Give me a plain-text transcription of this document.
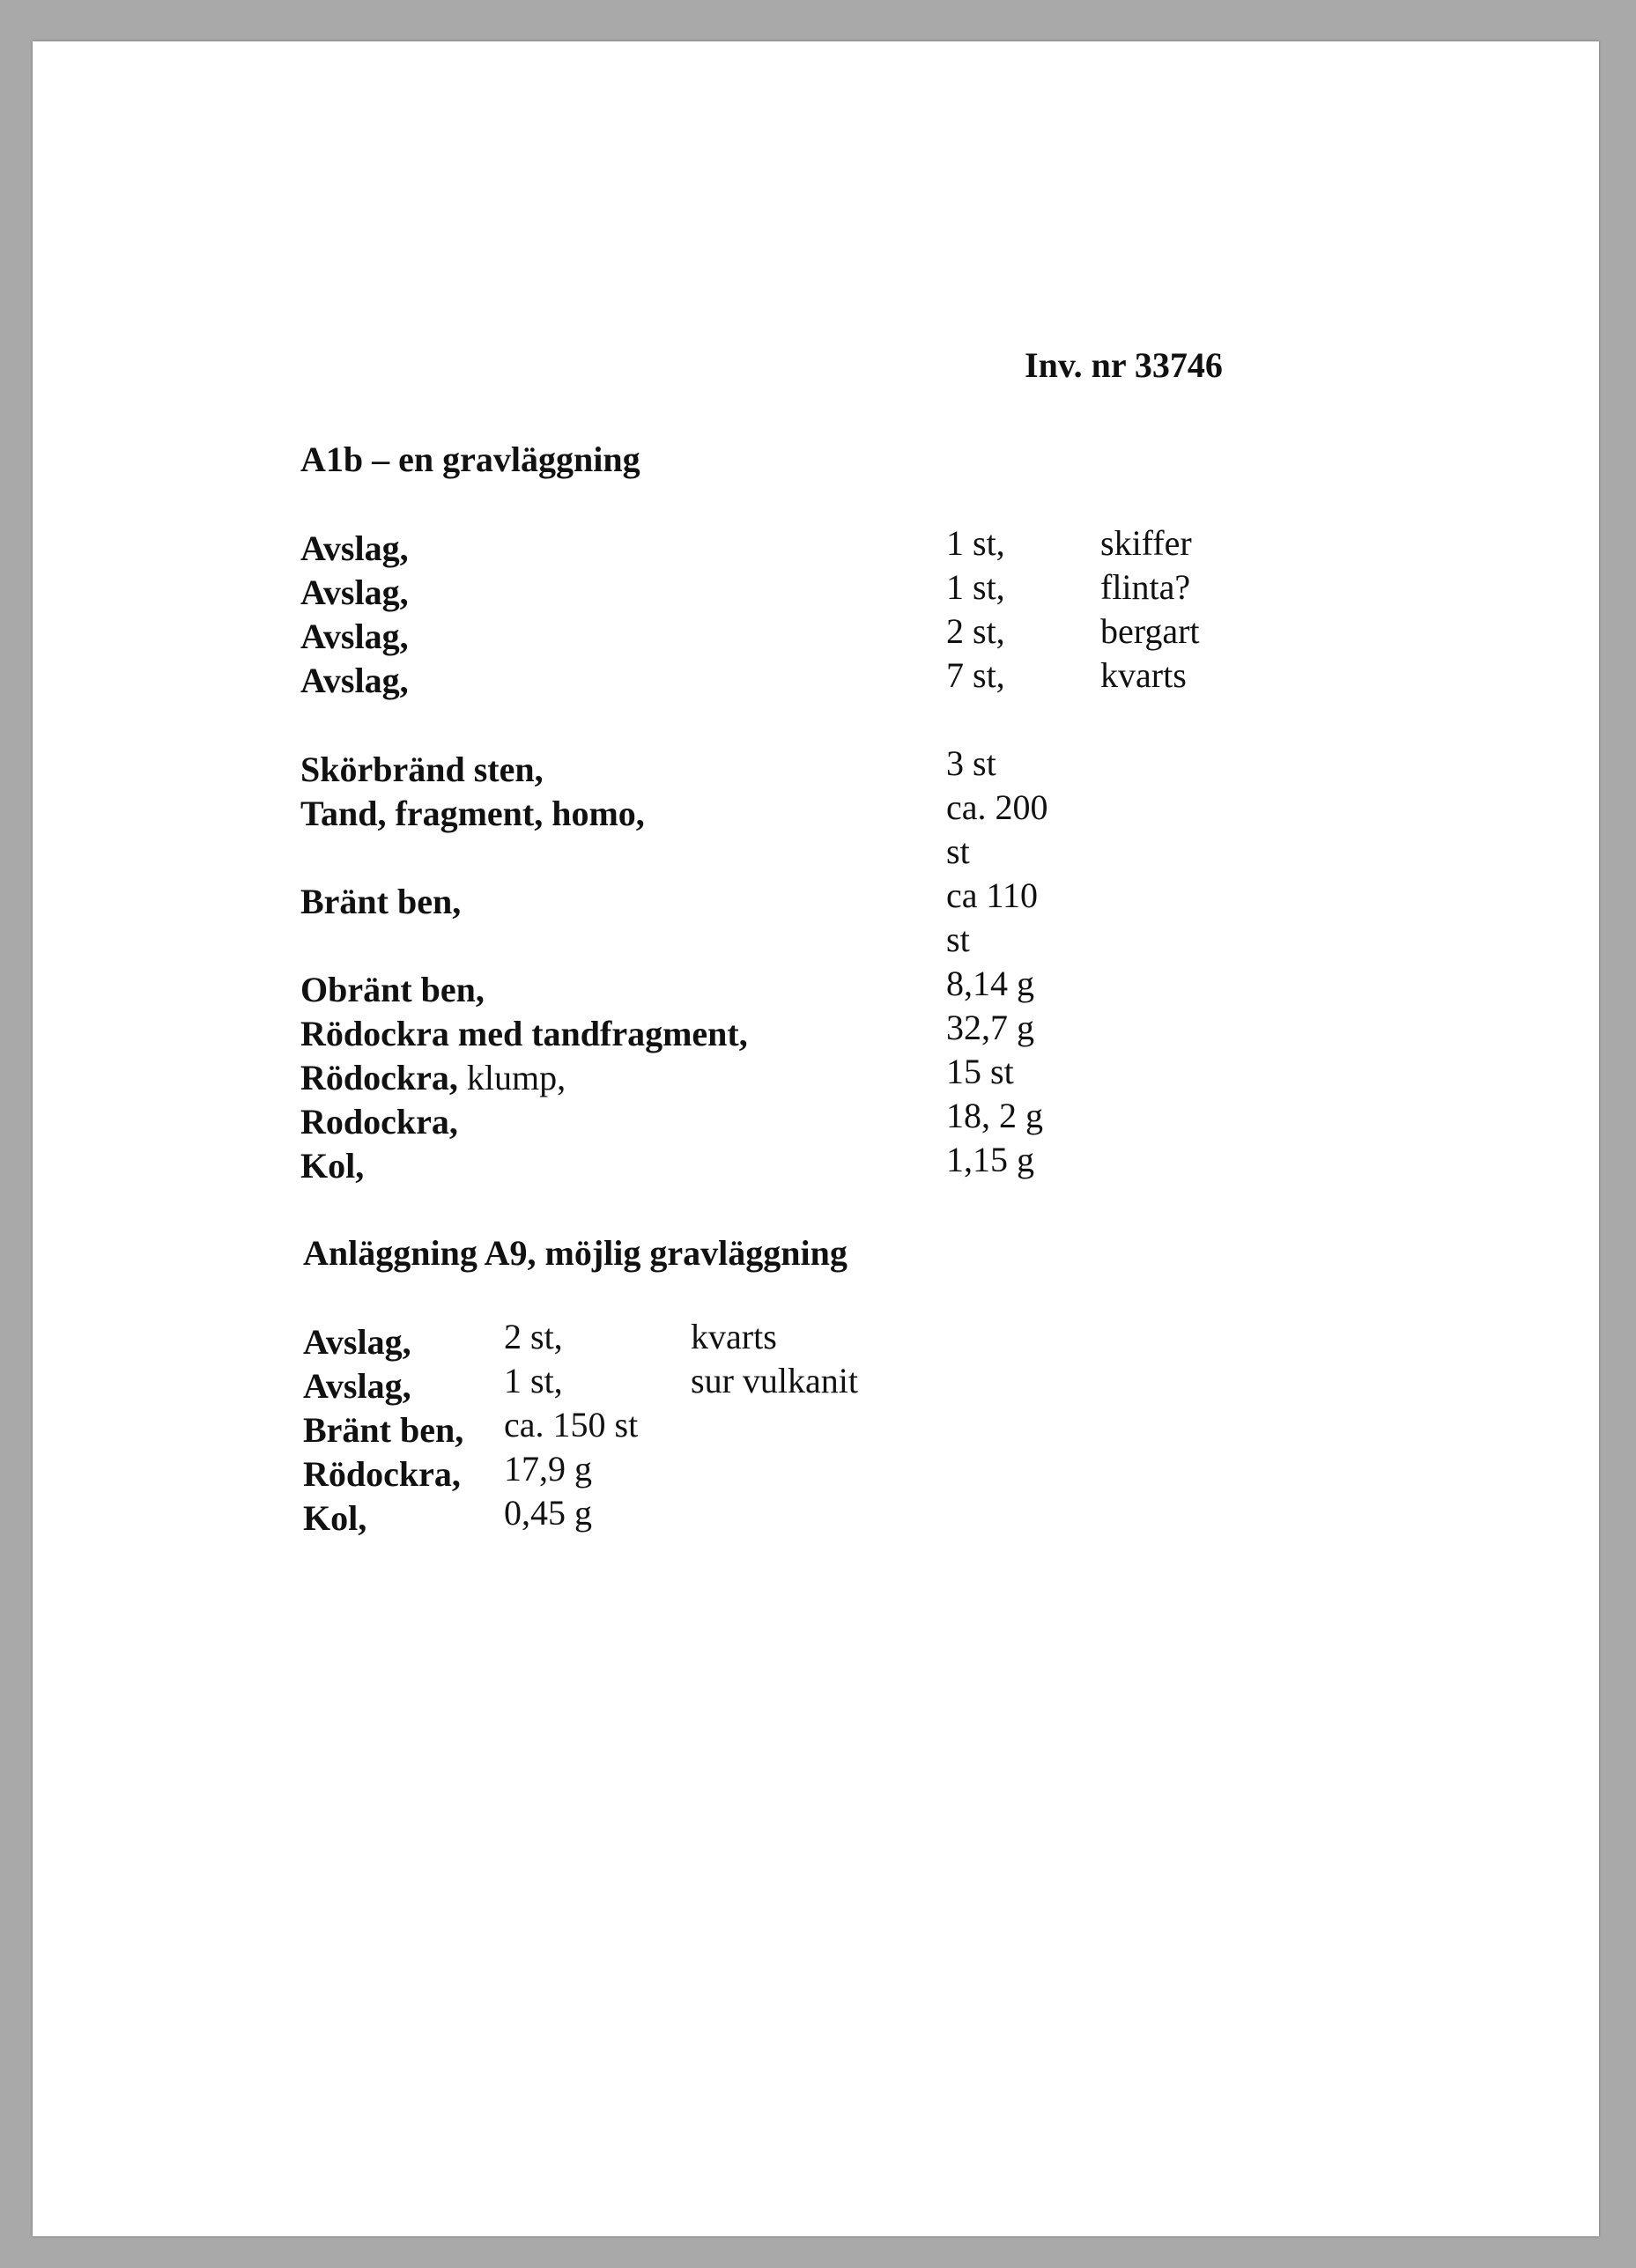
Inv. nr 33746
A1b – en gravläggning
Avslag,	1 st,	skiffer
Avslag,	1 st,	flinta?
Avslag,	2 st,	bergart
Avslag,	7 st,	kvarts
Skörbränd sten,	3 st
Tand, fragment, homo,	ca. 200
st
Bränt ben,	ca 110
st
Obränt ben,	8,14 g
Rödockra med tandfragment,	32,7 g
Rödockra, klump,	15 st
Rodockra,	18, 2 g
Kol,	1,15 g
Anläggning A9, möjlig gravläggning
Avslag,	2 st,	kvarts
Avslag,	1 st,	sur vulkanit
Bränt ben, ca. 150 st
Rödockra, 17,9 g
Kol,	0,45 g
